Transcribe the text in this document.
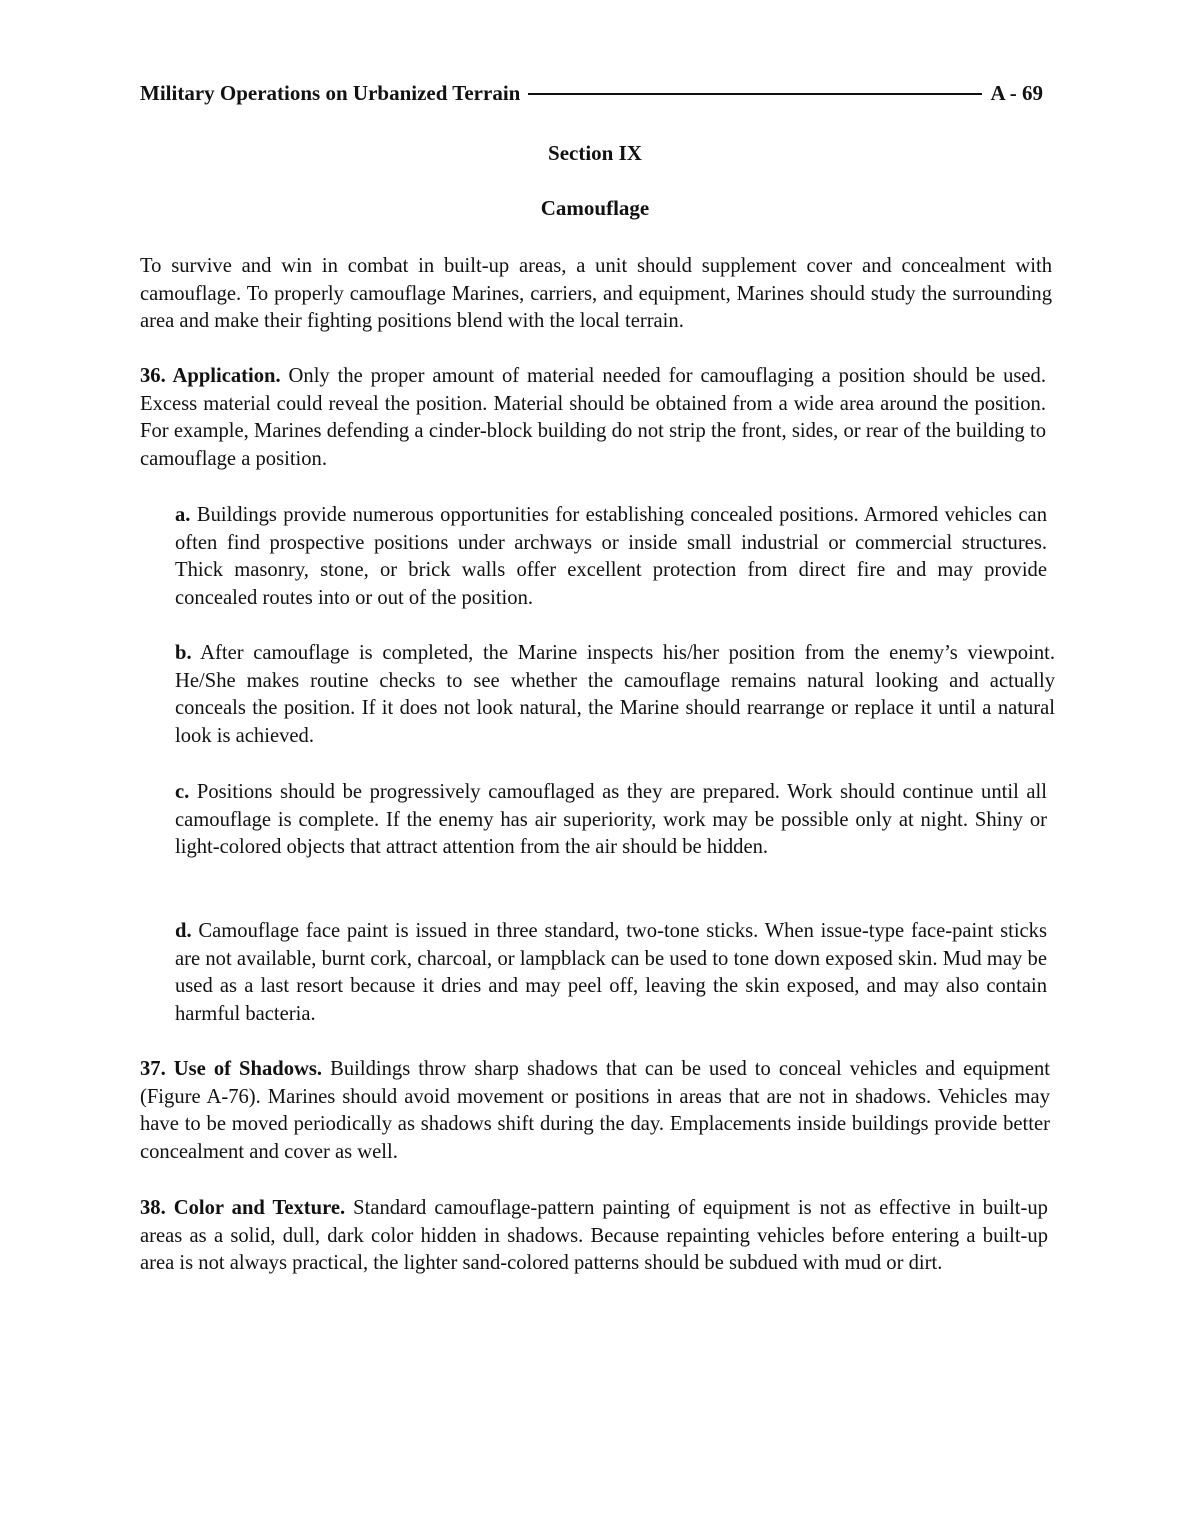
Military Operations on Urbanized Terrain	A - 69
Section IX
Camouflage

To survive and win in combat in built-up areas, a unit should supplement cover and concealment with camouflage. To properly camouflage Marines, carriers, and equipment, Marines should study the surrounding area and make their fighting positions blend with the local terrain.

36. Application. Only the proper amount of material needed for camouflaging a position should be used. Excess material could reveal the position. Material should be obtained from a wide area around the position. For example, Marines defending a cinder-block building do not strip the front, sides, or rear of the building to camouflage a position.

a. Buildings provide numerous opportunities for establishing concealed positions. Armored vehicles can often find prospective positions under archways or inside small industrial or commercial structures. Thick masonry, stone, or brick walls offer excellent protection from direct fire and may provide concealed routes into or out of the position.

b. After camouflage is completed, the Marine inspects his/her position from the enemy’s viewpoint. He/She makes routine checks to see whether the camouflage remains natural looking and actually conceals the position. If it does not look natural, the Marine should rearrange or replace it until a natural look is achieved.

c. Positions should be progressively camouflaged as they are prepared. Work should continue until all camouflage is complete. If the enemy has air superiority, work may be possible only at night. Shiny or light-colored objects that attract attention from the air should be hidden.

d. Camouflage face paint is issued in three standard, two-tone sticks. When issue-type face-paint sticks are not available, burnt cork, charcoal, or lampblack can be used to tone down exposed skin. Mud may be used as a last resort because it dries and may peel off, leaving the skin exposed, and may also contain harmful bacteria.

37. Use of Shadows. Buildings throw sharp shadows that can be used to conceal vehicles and equipment (Figure A-76). Marines should avoid movement or positions in areas that are not in shadows. Vehicles may have to be moved periodically as shadows shift during the day. Emplacements inside buildings provide better concealment and cover as well.

38. Color and Texture. Standard camouflage-pattern painting of equipment is not as effective in built-up areas as a solid, dull, dark color hidden in shadows. Because repainting vehicles before entering a built-up area is not always practical, the lighter sand-colored patterns should be subdued with mud or dirt.
